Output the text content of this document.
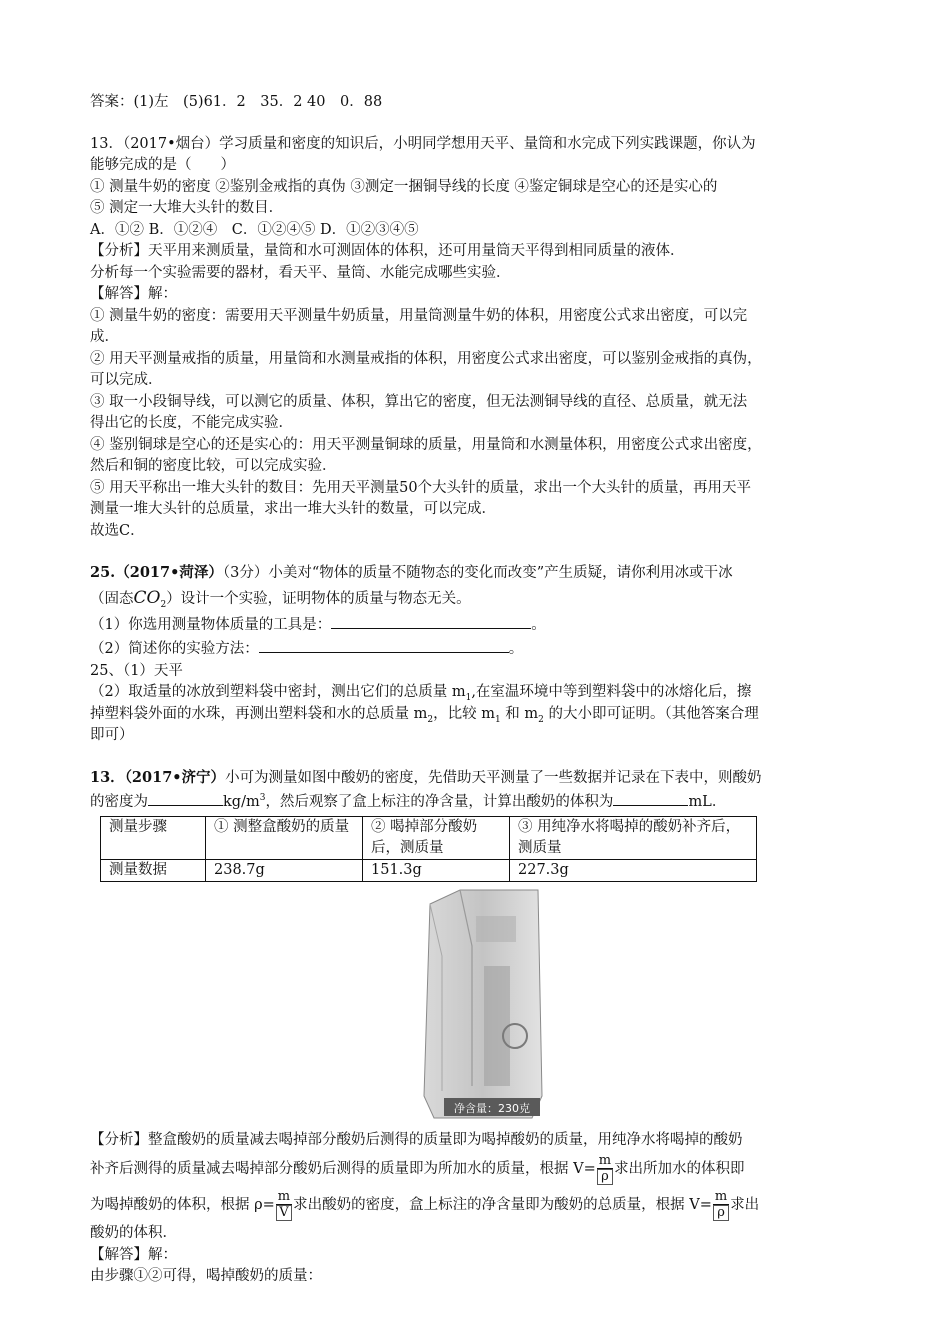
答案：(1)左　(5)61．2　35．2 40　0．88
13．（2017•烟台）学习质量和密度的知识后，小明同学想用天平、量筒和水完成下列实践课题，你认为
能够完成的是（　　）
① 测量牛奶的密度 ②鉴别金戒指的真伪 ③测定一捆铜导线的长度 ④鉴定铜球是空心的还是实心的
⑤ 测定一大堆大头针的数目．
A．①② B．①②④　C．①②④⑤ D．①②③④⑤
【分析】天平用来测质量，量筒和水可测固体的体积，还可用量筒天平得到相同质量的液体．
分析每一个实验需要的器材，看天平、量筒、水能完成哪些实验．
【解答】解：
① 测量牛奶的密度：需要用天平测量牛奶质量，用量筒测量牛奶的体积，用密度公式求出密度，可以完
成．
② 用天平测量戒指的质量，用量筒和水测量戒指的体积，用密度公式求出密度，可以鉴别金戒指的真伪，
可以完成．
③ 取一小段铜导线，可以测它的质量、体积，算出它的密度，但无法测铜导线的直径、总质量，就无法
得出它的长度，不能完成实验．
④ 鉴别铜球是空心的还是实心的：用天平测量铜球的质量，用量筒和水测量体积，用密度公式求出密度，
然后和铜的密度比较，可以完成实验．
⑤ 用天平称出一堆大头针的数目：先用天平测量50个大头针的质量，求出一个大头针的质量，再用天平
测量一堆大头针的总质量，求出一堆大头针的数量，可以完成．
故选C．
25.（2017•菏泽）（3分）小美对“物体的质量不随物态的变化而改变”产生质疑，请你利用冰或干冰
（固态$CO_2$）设计一个实验，证明物体的质量与物态无关。
（1）你选用测量物体质量的工具是：	。
（2）简述你的实验方法：	。
25、（1）天平
（2）取适量的冰放到塑料袋中密封，测出它们的总质量 $m_1$,在室温环境中等到塑料袋中的冰熔化后，擦
掉塑料袋外面的水珠，再测出塑料袋和水的总质量 $m_2$，比较 $m_1$ 和 $m_2$ 的大小即可证明。（其他答案合理
即可）
13．（2017•济宁）小可为测量如图中酸奶的密度，先借助天平测量了一些数据并记录在下表中，则酸奶
的密度为	$kg/m^3$，然后观察了盒上标注的净含量，计算出酸奶的体积为	mL．
测量步骤	① 测整盒酸奶的质量	② 喝掉部分酸奶后，测质量	③ 用纯净水将喝掉的酸奶补齐后，测质量
测量数据	238.7g	151.3g	227.3g
净含量：230克
【分析】整盒酸奶的质量减去喝掉部分酸奶后测得的质量即为喝掉酸奶的质量，用纯净水将喝掉的酸奶
补齐后测得的质量减去喝掉部分酸奶后测得的质量即为所加水的质量，根据 $V= \frac{m}{\rho}$ 求出所加水的体积即
为喝掉酸奶的体积，根据 $\rho= \frac{m}{V}$ 求出酸奶的密度，盒上标注的净含量即为酸奶的总质量，根据 $V= \frac{m}{\rho}$ 求出
酸奶的体积．
【解答】解：
由步骤①②可得，喝掉酸奶的质量：
